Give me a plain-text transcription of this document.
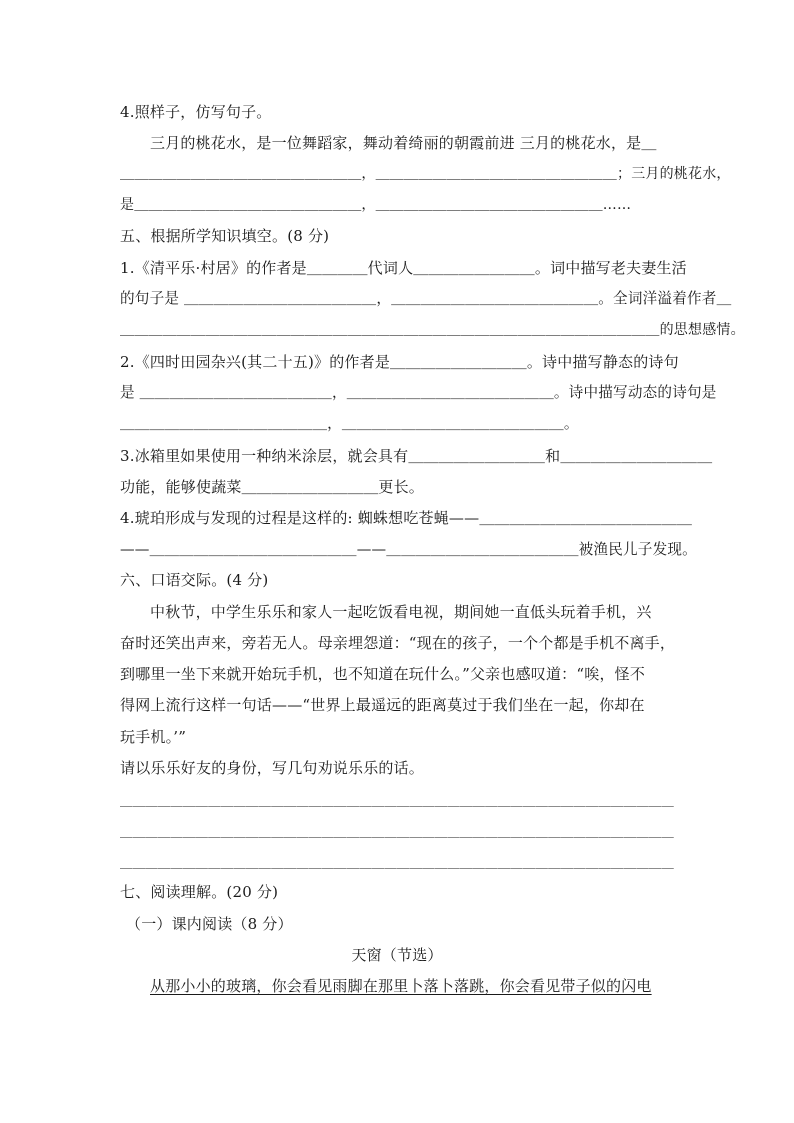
4.照样子，仿写句子。
三月的桃花水，是一位舞蹈家，舞动着绮丽的朝霞前进 三月的桃花水，是＿
＿＿＿＿＿＿＿＿＿＿＿＿＿＿＿＿＿，＿＿＿＿＿＿＿＿＿＿＿＿＿＿＿＿＿；三月的桃花水，
是＿＿＿＿＿＿＿＿＿＿＿＿＿＿＿＿，＿＿＿＿＿＿＿＿＿＿＿＿＿＿＿＿……
五、根据所学知识填空。(8 分)
1.《清平乐·村居》的作者是＿＿＿＿代词人＿＿＿＿＿＿＿＿。词中描写老夫妻生活
的句子是 ＿＿＿＿＿＿＿＿＿＿＿＿＿，＿＿＿＿＿＿＿＿＿＿＿＿＿＿。全词洋溢着作者＿
＿＿＿＿＿＿＿＿＿＿＿＿＿＿＿＿＿＿＿＿＿＿＿＿＿＿＿＿＿＿＿＿＿＿＿＿＿＿的思想感情。
2.《四时田园杂兴(其二十五)》的作者是＿＿＿＿＿＿＿＿＿。诗中描写静态的诗句
是 ＿＿＿＿＿＿＿＿＿＿＿＿＿，＿＿＿＿＿＿＿＿＿＿＿＿＿＿。诗中描写动态的诗句是
＿＿＿＿＿＿＿＿＿＿＿＿＿＿，＿＿＿＿＿＿＿＿＿＿＿＿＿＿＿。
3.冰箱里如果使用一种纳米涂层，就会具有＿＿＿＿＿＿＿＿＿和＿＿＿＿＿＿＿＿＿＿
功能，能够使蔬菜＿＿＿＿＿＿＿＿＿更长。
4.琥珀形成与发现的过程是这样的: 蜘蛛想吃苍蝇——＿＿＿＿＿＿＿＿＿＿＿＿＿＿
——＿＿＿＿＿＿＿＿＿＿＿＿＿＿——＿＿＿＿＿＿＿＿＿＿＿＿＿被渔民儿子发现。
六、口语交际。(4 分)
中秋节，中学生乐乐和家人一起吃饭看电视，期间她一直低头玩着手机，兴
奋时还笑出声来，旁若无人。母亲埋怨道：“现在的孩子，一个个都是手机不离手，
到哪里一坐下来就开始玩手机，也不知道在玩什么。”父亲也感叹道：“唉，怪不
得网上流行这样一句话——“世界上最遥远的距离莫过于我们坐在一起，你却在
玩手机。’”
请以乐乐好友的身份，写几句劝说乐乐的话。
＿＿＿＿＿＿＿＿＿＿＿＿＿＿＿＿＿＿＿＿＿＿＿＿＿＿＿＿＿＿＿＿＿＿＿＿＿＿＿＿＿＿＿＿
＿＿＿＿＿＿＿＿＿＿＿＿＿＿＿＿＿＿＿＿＿＿＿＿＿＿＿＿＿＿＿＿＿＿＿＿＿＿＿＿＿＿＿＿
＿＿＿＿＿＿＿＿＿＿＿＿＿＿＿＿＿＿＿＿＿＿＿＿＿＿＿＿＿＿＿＿＿＿＿＿＿＿＿＿＿＿＿＿
七、阅读理解。(20 分)
（一）课内阅读（8 分）
天窗（节选）
从那小小的玻璃，你会看见雨脚在那里卜落卜落跳，你会看见带子似的闪电
